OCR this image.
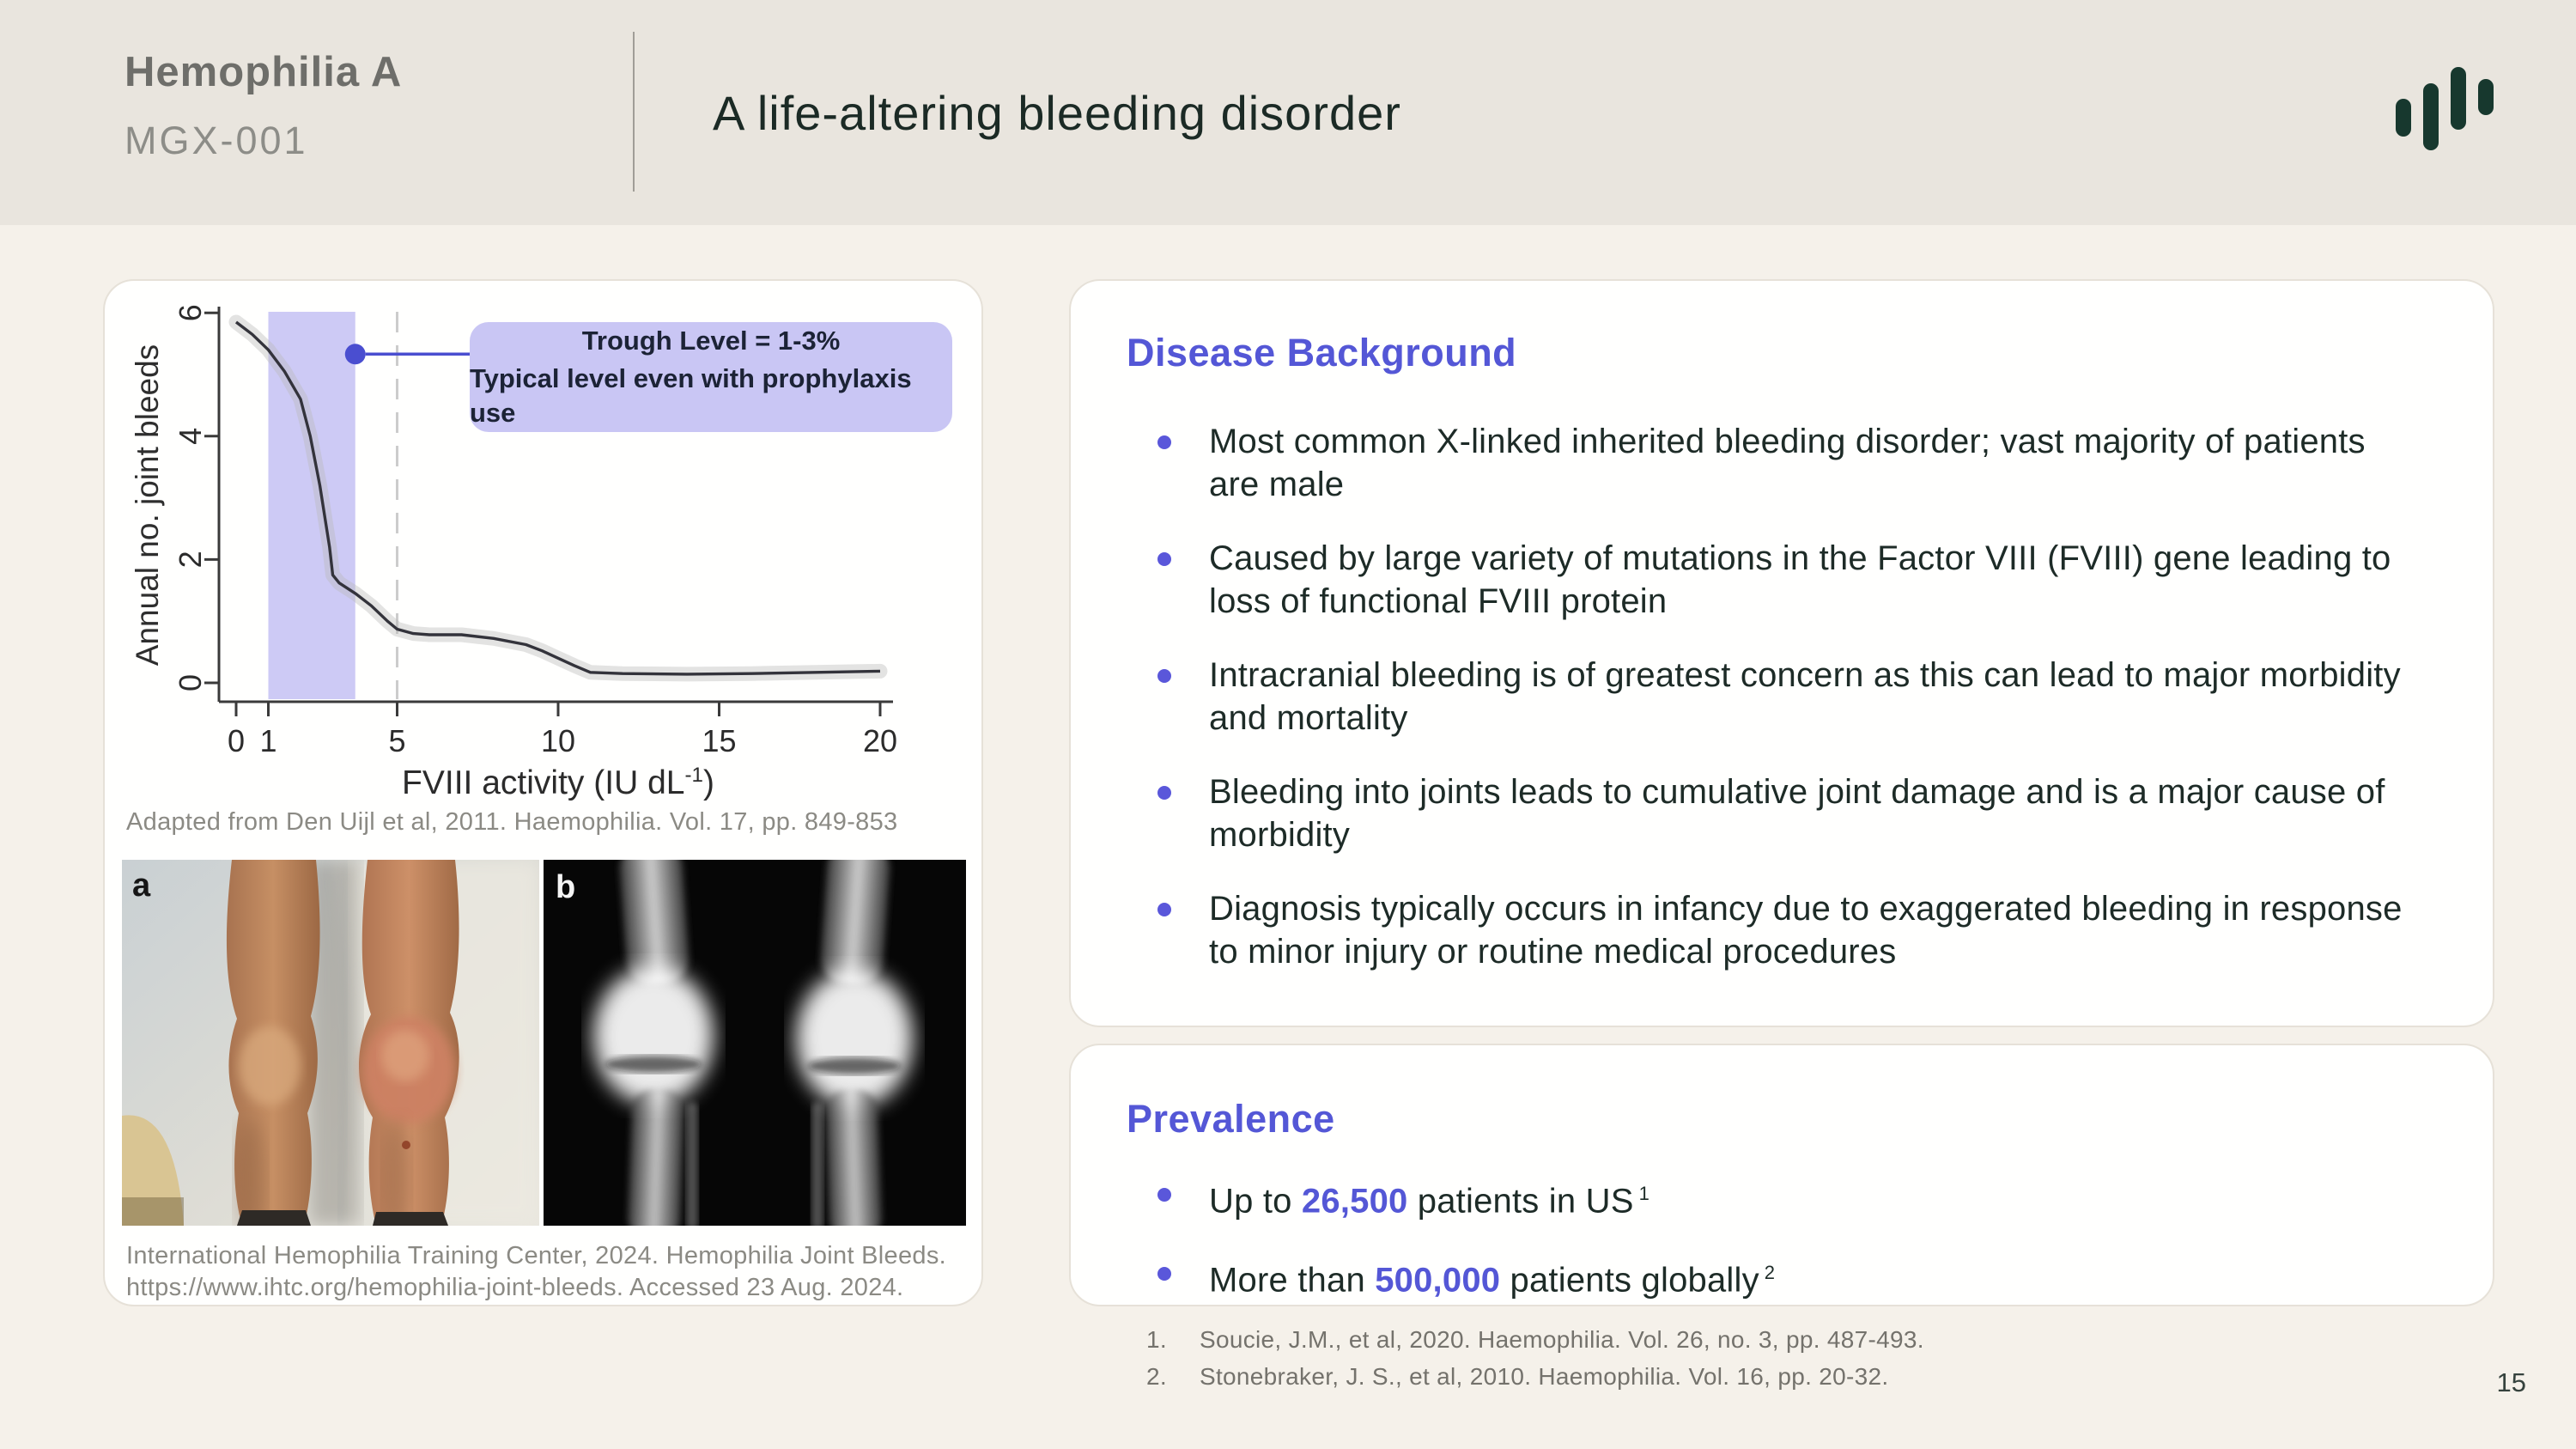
Hemophilia A
MGX-001
A life-altering bleeding disorder
0 1	5	10	15	20
0
2
4
6
Annual no. joint bleeds
FVIII activity (IU $dL^{-1}$)
Trough Level = 1-3%
Typical level even with prophylaxis use
Adapted from Den Uijl et al, 2011. Haemophilia. Vol. 17, pp. 849-853
a	b
International Hemophilia Training Center, 2024. Hemophilia Joint Bleeds.
https://www.ihtc.org/hemophilia-joint-bleeds. Accessed 23 Aug. 2024.
Disease Background
Most common X-linked inherited bleeding disorder; vast majority of patients are male
Caused by large variety of mutations in the Factor VIII (FVIII) gene leading to loss of functional FVIII protein
Intracranial bleeding is of greatest concern as this can lead to major morbidity and mortality
Bleeding into joints leads to cumulative joint damage and is a major cause of morbidity
Diagnosis typically occurs in infancy due to exaggerated bleeding in response to minor injury or routine medical procedures
Prevalence
Up to 26,500 patients in US $^1$
More than 500,000 patients globally $^2$
1.	Soucie, J.M., et al, 2020. Haemophilia. Vol. 26, no. 3, pp. 487-493.
2.	Stonebraker, J. S., et al, 2010. Haemophilia. Vol. 16, pp. 20-32.	15
